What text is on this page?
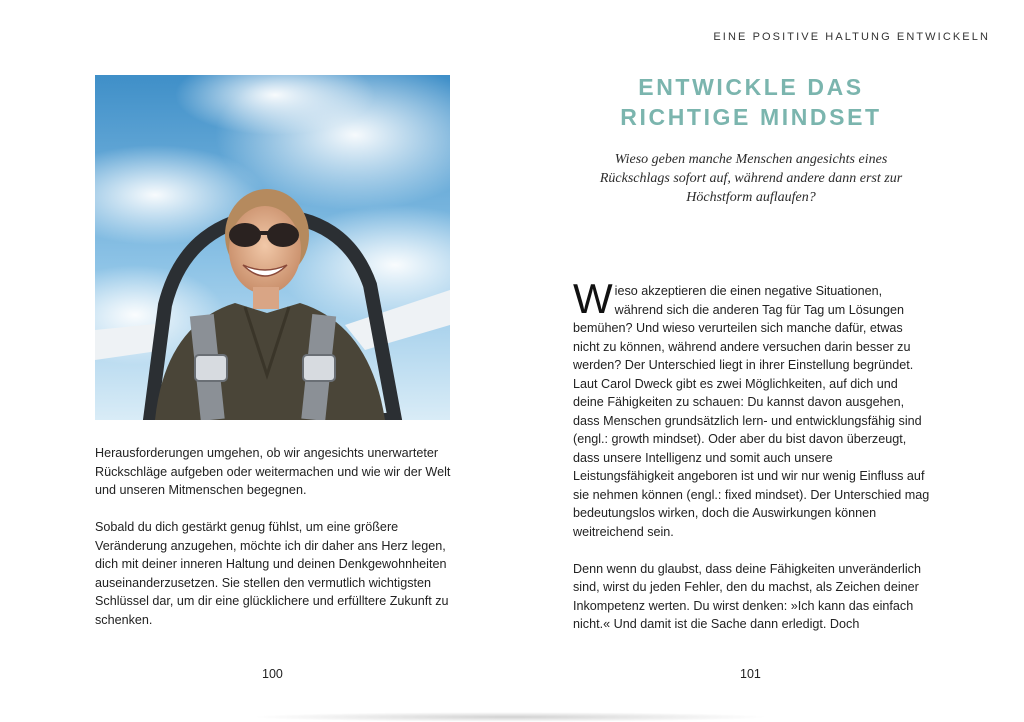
Herausforderungen umgehen, ob wir angesichts unerwarteter Rückschläge aufgeben oder weitermachen und wie wir der Welt und unseren Mitmenschen begegnen.

Sobald du dich gestärkt genug fühlst, um eine größere Veränderung anzugehen, möchte ich dir daher ans Herz legen, dich mit deiner inneren Haltung und deinen Denkgewohnheiten auseinanderzusetzen. Sie stellen den vermutlich wichtigsten Schlüssel dar, um dir eine glücklichere und erfülltere Zukunft zu schenken.

100
EINE POSITIVE HALTUNG ENTWICKELN
ENTWICKLE DAS
RICHTIGE MINDSET

Wieso geben manche Menschen angesichts eines Rückschlags sofort auf, während andere dann erst zur Höchstform auflaufen?

Wieso akzeptieren die einen negative Situationen, während sich die anderen Tag für Tag um Lösungen bemühen? Und wieso verurteilen sich manche dafür, etwas nicht zu können, während andere versuchen darin besser zu werden? Der Unterschied liegt in ihrer Einstellung begründet. Laut Carol Dweck gibt es zwei Möglichkeiten, auf dich und deine Fähigkeiten zu schauen: Du kannst davon ausgehen, dass Menschen grundsätzlich lern- und entwicklungsfähig sind (engl.: growth mindset). Oder aber du bist davon überzeugt, dass unsere Intelligenz und somit auch unsere Leistungsfähigkeit angeboren ist und wir nur wenig Einfluss auf sie nehmen können (engl.: fixed mindset). Der Unterschied mag bedeutungslos wirken, doch die Auswirkungen können weitreichend sein.

Denn wenn du glaubst, dass deine Fähigkeiten unveränderlich sind, wirst du jeden Fehler, den du machst, als Zeichen deiner Inkompetenz werten. Du wirst denken: »Ich kann das einfach nicht.« Und damit ist die Sache dann erledigt. Doch

101
